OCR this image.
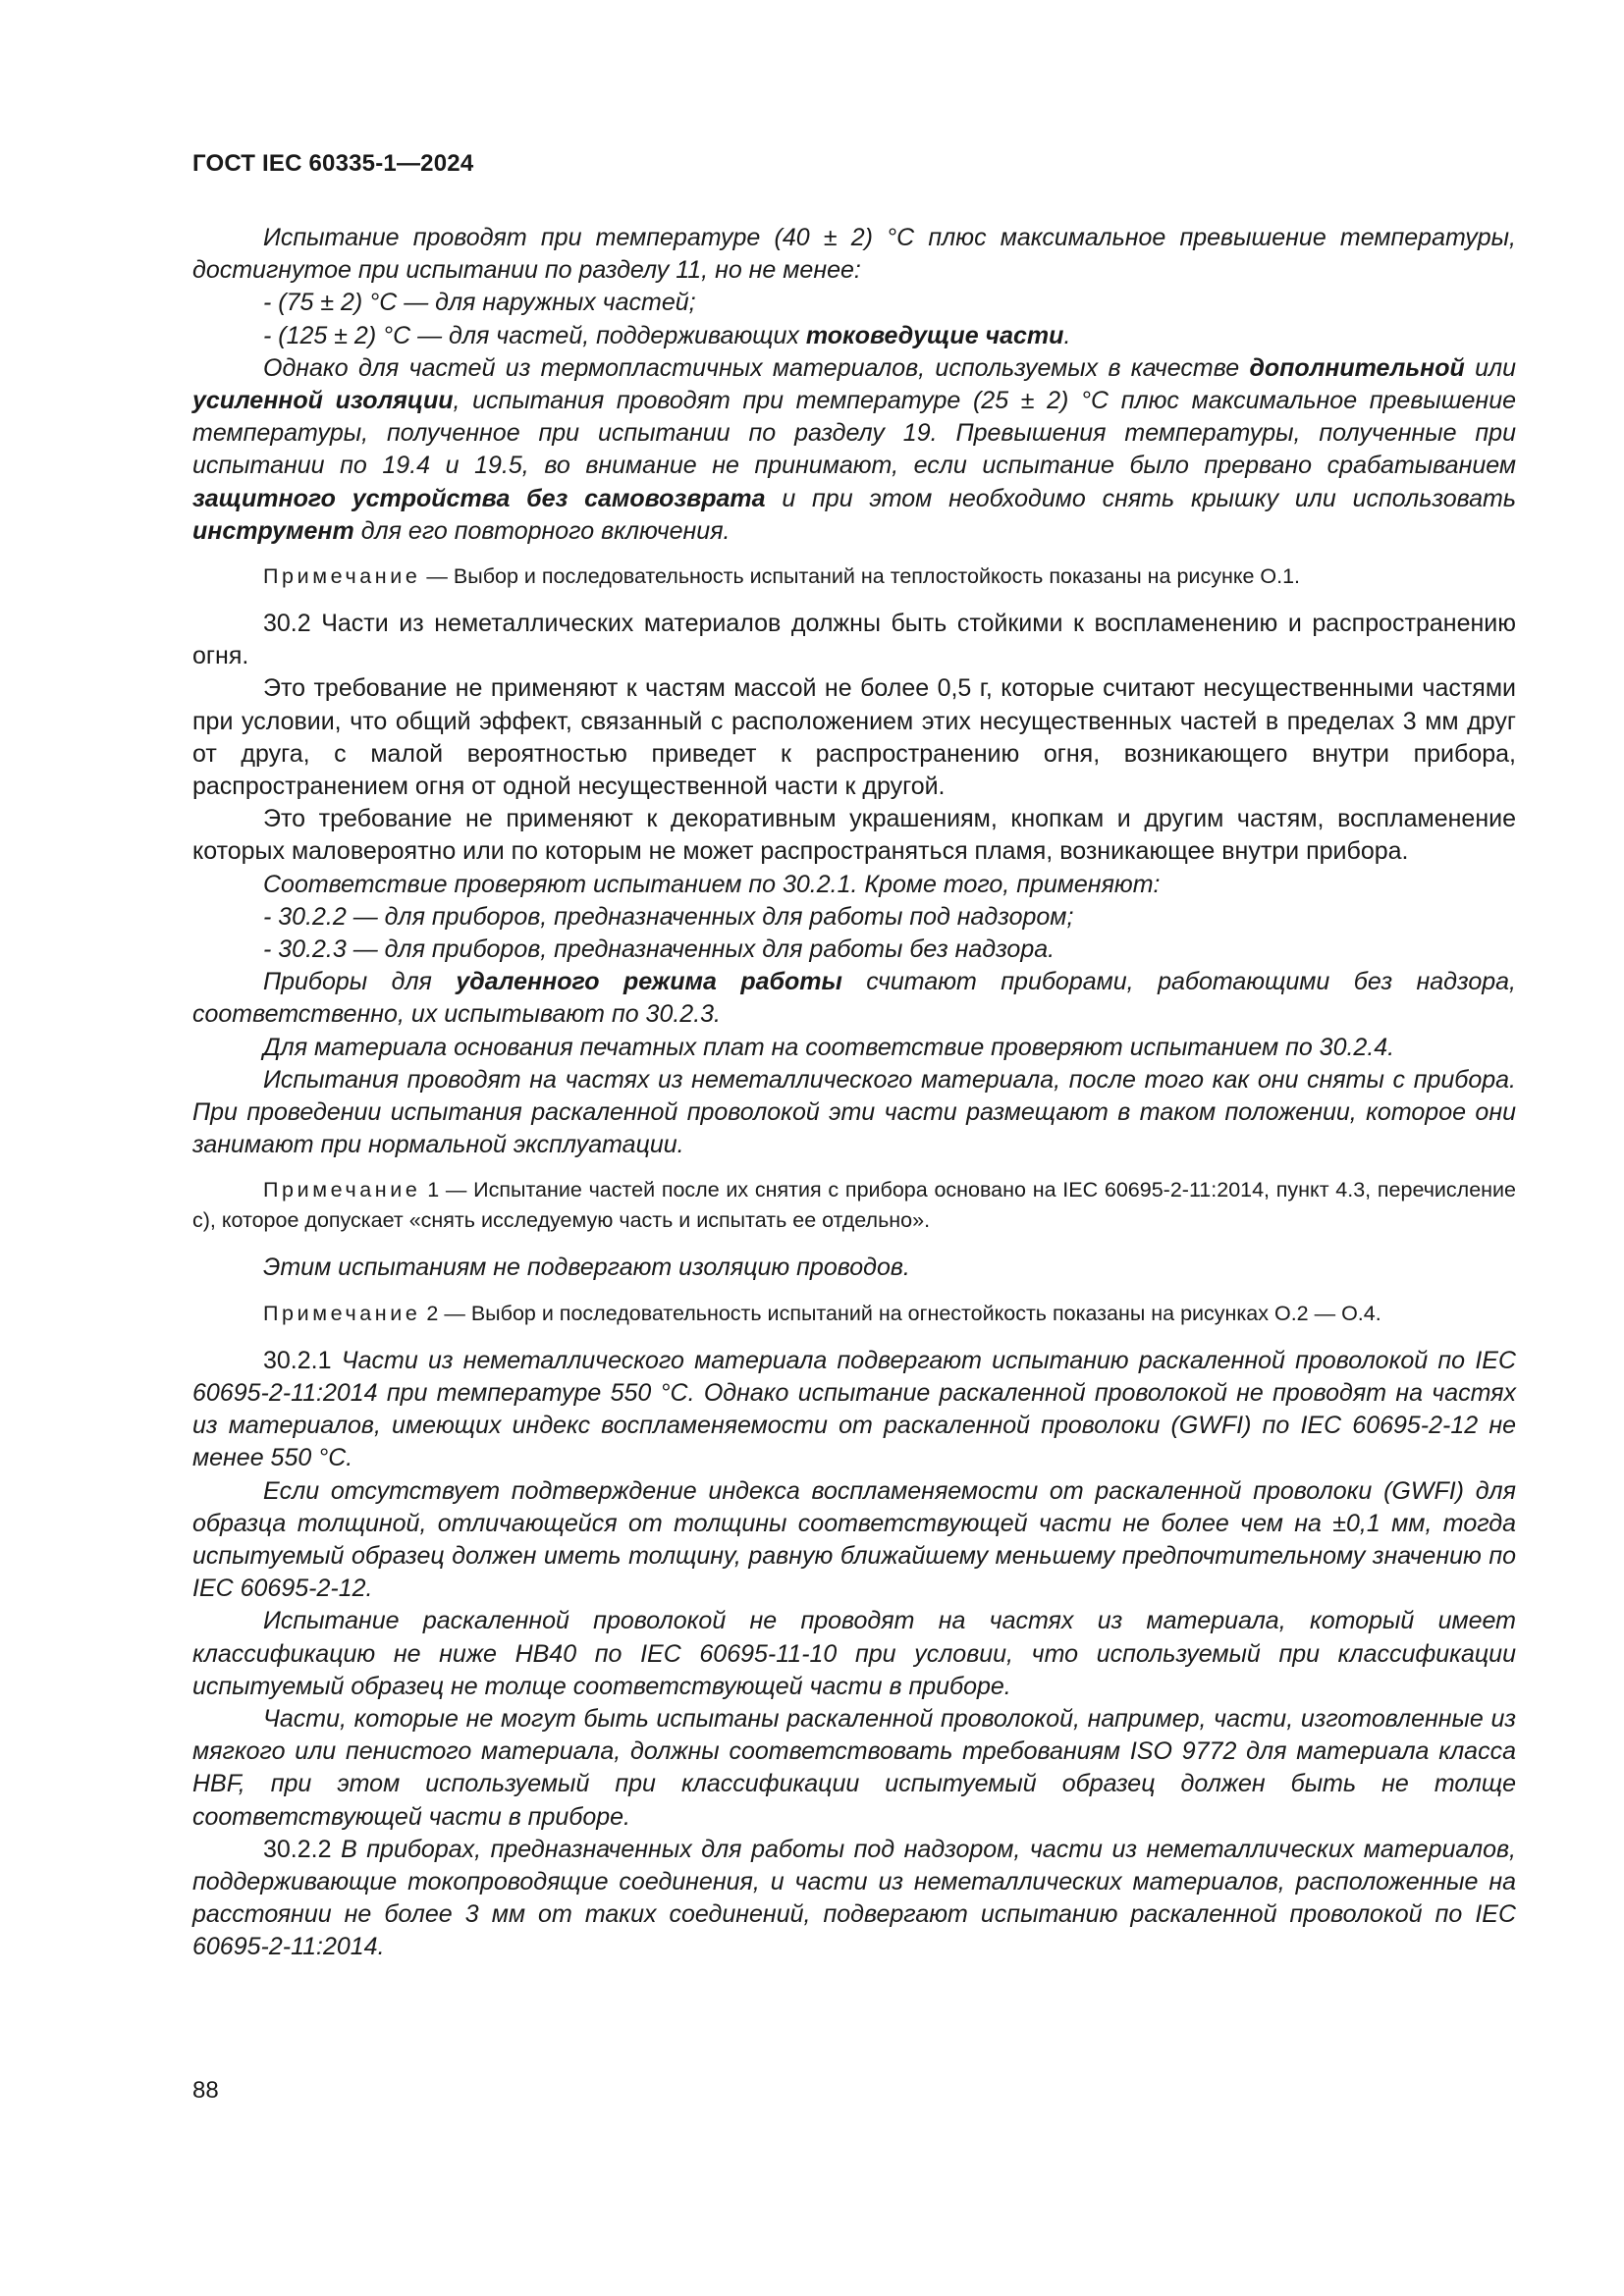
ГОСТ IEC 60335-1—2024

Испытание проводят при температуре (40 ± 2) °С плюс максимальное превышение температуры, достигнутое при испытании по разделу 11, но не менее:

- (75 ± 2) °С — для наружных частей;

- (125 ± 2) °С — для частей, поддерживающих токоведущие части.

Однако для частей из термопластичных материалов, используемых в качестве дополнительной или усиленной изоляции, испытания проводят при температуре (25 ± 2) °С плюс максимальное превышение температуры, полученное при испытании по разделу 19. Превышения температуры, полученные при испытании по 19.4 и 19.5, во внимание не принимают, если испытание было прервано срабатыванием защитного устройства без самовозврата и при этом необходимо снять крышку или использовать инструмент для его повторного включения.

Примечание — Выбор и последовательность испытаний на теплостойкость показаны на рисунке О.1.

30.2 Части из неметаллических материалов должны быть стойкими к воспламенению и распространению огня.

Это требование не применяют к частям массой не более 0,5 г, которые считают несущественными частями при условии, что общий эффект, связанный с расположением этих несущественных частей в пределах 3 мм друг от друга, с малой вероятностью приведет к распространению огня, возникающего внутри прибора, распространением огня от одной несущественной части к другой.

Это требование не применяют к декоративным украшениям, кнопкам и другим частям, воспламенение которых маловероятно или по которым не может распространяться пламя, возникающее внутри прибора.

Соответствие проверяют испытанием по 30.2.1. Кроме того, применяют:

- 30.2.2 — для приборов, предназначенных для работы под надзором;

- 30.2.3 — для приборов, предназначенных для работы без надзора.

Приборы для удаленного режима работы считают приборами, работающими без надзора, соответственно, их испытывают по 30.2.3.

Для материала основания печатных плат на соответствие проверяют испытанием по 30.2.4.

Испытания проводят на частях из неметаллического материала, после того как они сняты с прибора. При проведении испытания раскаленной проволокой эти части размещают в таком положении, которое они занимают при нормальной эксплуатации.

Примечание 1 — Испытание частей после их снятия с прибора основано на IEC 60695-2-11:2014, пункт 4.3, перечисление c), которое допускает «снять исследуемую часть и испытать ее отдельно».

Этим испытаниям не подвергают изоляцию проводов.

Примечание 2 — Выбор и последовательность испытаний на огнестойкость показаны на рисунках О.2 — О.4.

30.2.1 Части из неметаллического материала подвергают испытанию раскаленной проволокой по IEC 60695-2-11:2014 при температуре 550 °С. Однако испытание раскаленной проволокой не проводят на частях из материалов, имеющих индекс воспламеняемости от раскаленной проволоки (GWFI) по IEC 60695-2-12 не менее 550 °С.

Если отсутствует подтверждение индекса воспламеняемости от раскаленной проволоки (GWFI) для образца толщиной, отличающейся от толщины соответствующей части не более чем на ±0,1 мм, тогда испытуемый образец должен иметь толщину, равную ближайшему меньшему предпочтительному значению по IEC 60695-2-12.

Испытание раскаленной проволокой не проводят на частях из материала, который имеет классификацию не ниже HB40 по IEC 60695-11-10 при условии, что используемый при классификации испытуемый образец не толще соответствующей части в приборе.

Части, которые не могут быть испытаны раскаленной проволокой, например, части, изготовленные из мягкого или пенистого материала, должны соответствовать требованиям ISO 9772 для материала класса HBF, при этом используемый при классификации испытуемый образец должен быть не толще соответствующей части в приборе.

30.2.2 В приборах, предназначенных для работы под надзором, части из неметаллических материалов, поддерживающие токопроводящие соединения, и части из неметаллических материалов, расположенные на расстоянии не более 3 мм от таких соединений, подвергают испытанию раскаленной проволокой по IEC 60695-2-11:2014.

88
